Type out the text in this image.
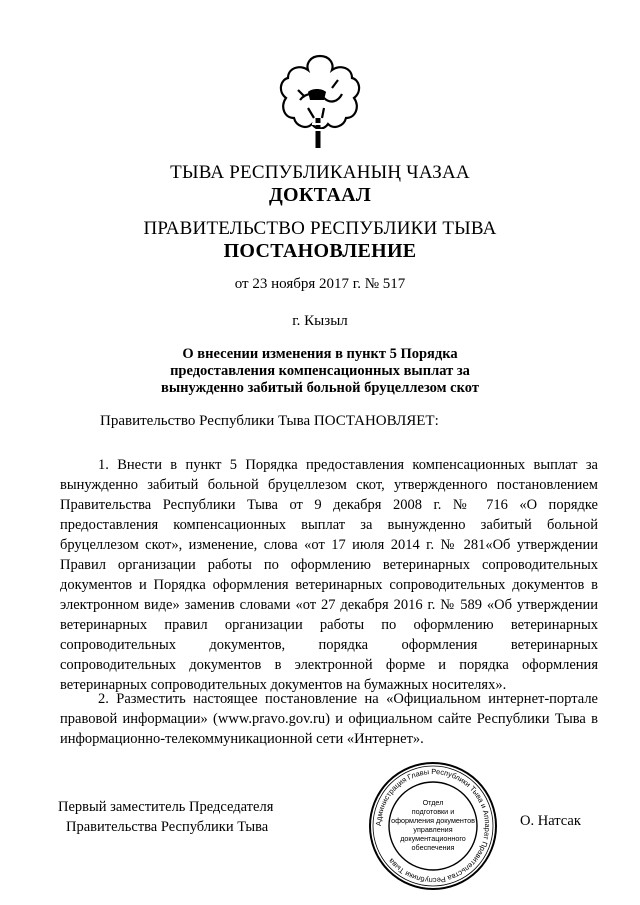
ТЫВА РЕСПУБЛИКАНЫҢ ЧАЗАА
ДОКТААЛ
ПРАВИТЕЛЬСТВО РЕСПУБЛИКИ ТЫВА
ПОСТАНОВЛЕНИЕ
от 23 ноября 2017 г. № 517
г. Кызыл
О внесении изменения в пункт 5 Порядка
предоставления компенсационных выплат за
вынужденно забитый больной бруцеллезом скот
Правительство Республики Тыва ПОСТАНОВЛЯЕТ:
1. Внести в пункт 5 Порядка предоставления компенсационных выплат за вынужденно забитый больной бруцеллезом скот, утвержденного постановлением Правительства Республики Тыва от 9 декабря 2008 г. № 716 «О порядке предоставления компенсационных выплат за вынужденно забитый больной бруцеллезом скот», изменение, слова «от 17 июля 2014 г. № 281«Об утверждении Правил организации работы по оформлению ветеринарных сопроводительных документов и Порядка оформления ветеринарных сопроводительных документов в электронном виде» заменив словами «от 27 декабря 2016 г. № 589 «Об утверждении ветеринарных правил организации работы по оформлению ветеринарных сопроводительных документов, порядка оформления ветеринарных сопроводительных документов в электронной форме и порядка оформления ветеринарных сопроводительных документов на бумажных носителях».
2. Разместить настоящее постановление на «Официальном интернет-портале правовой информации» (www.pravo.gov.ru) и официальном сайте Республики Тыва в информационно-телекоммуникационной сети «Интернет».
Первый заместитель Председателя
Правительства Республики Тыва	О. Натсак
Администрация Главы Республики Тыва и Аппарат Правительства Республики Тыва
Отдел
подготовки и
оформления документов
управления
документационного
обеспечения
